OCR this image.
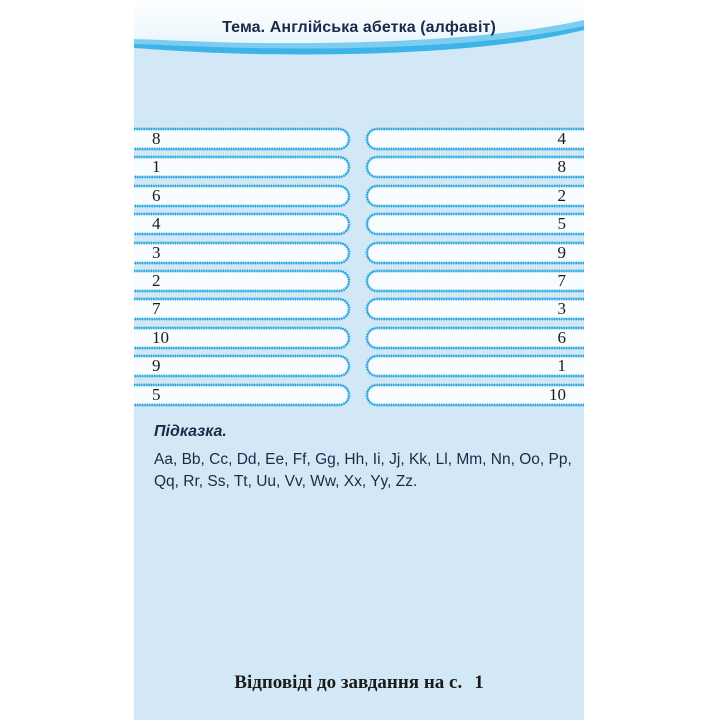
Тема. Англійська абетка (алфавіт)
8
1
6
4
3
2
7
10
9
5
4
8
2
5
9
7
3
6
1
10
Підказка.
Aa, Bb, Cc, Dd, Ee, Ff, Gg, Hh, Ii, Jj, Kk, Ll, Mm, Nn, Oo, Pp, Qq, Rr, Ss, Tt, Uu, Vv, Ww, Xx, Yy, Zz.
Відповіді до завдання на с. 1
